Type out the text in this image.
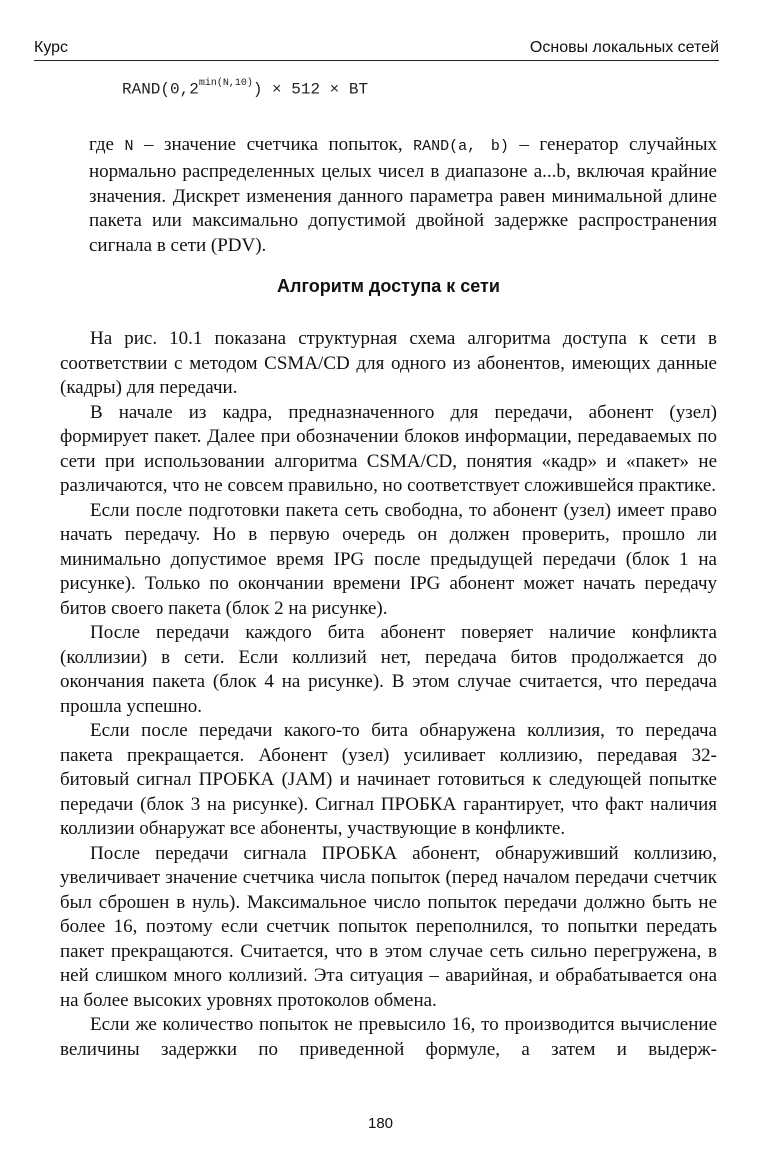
Курс	Основы локальных сетей
$RAND(0,2^{min(N,10)}) \times 512$ × BT

где N – значение счетчика попыток, RAND(a, b) – генератор случайных нормально распределенных целых чисел в диапазоне a...b, включая крайние значения. Дискрет изменения данного параметра равен минимальной длине пакета или максимально допустимой двойной задержке распространения сигнала в сети (PDV).

Алгоритм доступа к сети

На рис. 10.1 показана структурная схема алгоритма доступа к сети в соответствии с методом CSMA/CD для одного из абонентов, имеющих данные (кадры) для передачи.

В начале из кадра, предназначенного для передачи, абонент (узел) формирует пакет. Далее при обозначении блоков информации, передаваемых по сети при использовании алгоритма CSMA/CD, понятия «кадр» и «пакет» не различаются, что не совсем правильно, но соответствует сложившейся практике.

Если после подготовки пакета сеть свободна, то абонент (узел) имеет право начать передачу. Но в первую очередь он должен проверить, прошло ли минимально допустимое время IPG после предыдущей передачи (блок 1 на рисунке). Только по окончании времени IPG абонент может начать передачу битов своего пакета (блок 2 на рисунке).

После передачи каждого бита абонент поверяет наличие конфликта (коллизии) в сети. Если коллизий нет, передача битов продолжается до окончания пакета (блок 4 на рисунке). В этом случае считается, что передача прошла успешно.

Если после передачи какого-то бита обнаружена коллизия, то передача пакета прекращается. Абонент (узел) усиливает коллизию, передавая 32-битовый сигнал ПРОБКА (JAM) и начинает готовиться к следующей попытке передачи (блок 3 на рисунке). Сигнал ПРОБКА гарантирует, что факт наличия коллизии обнаружат все абоненты, участвующие в конфликте.

После передачи сигнала ПРОБКА абонент, обнаруживший коллизию, увеличивает значение счетчика числа попыток (перед началом передачи счетчик был сброшен в нуль). Максимальное число попыток передачи должно быть не более 16, поэтому если счетчик попыток переполнился, то попытки передать пакет прекращаются. Считается, что в этом случае сеть сильно перегружена, в ней слишком много коллизий. Эта ситуация – аварийная, и обрабатывается она на более высоких уровнях протоколов обмена.

Если же количество попыток не превысило 16, то производится вычисление величины задержки по приведенной формуле, а затем и выдерж-

180
